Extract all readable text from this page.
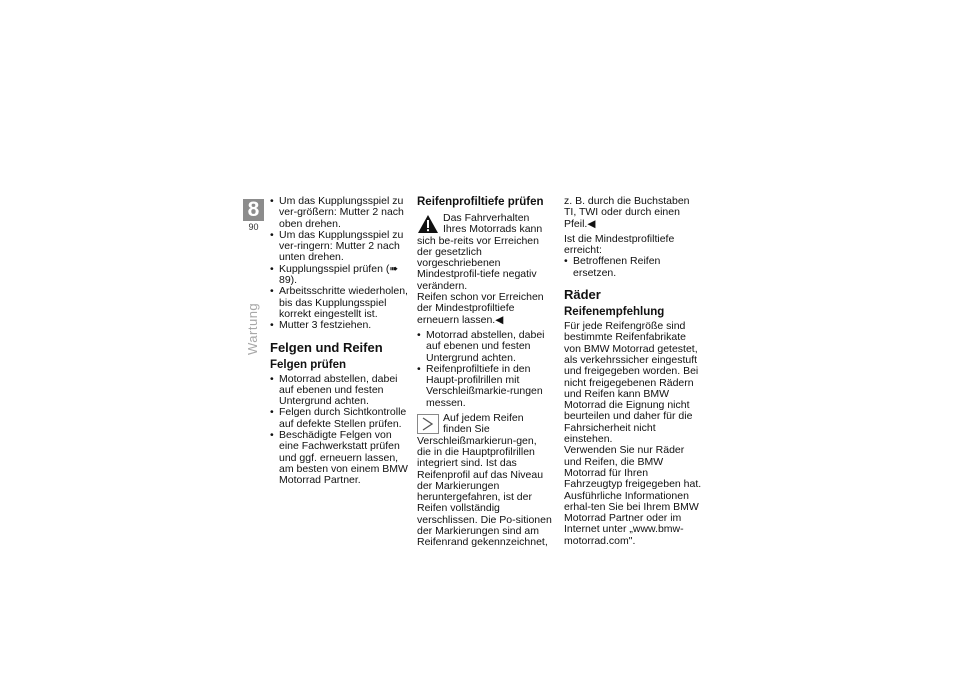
8
90
Wartung
• Um das Kupplungsspiel zu ver-größern: Mutter 2 nach oben drehen.
• Um das Kupplungsspiel zu ver-ringern: Mutter 2 nach unten drehen.
• Kupplungsspiel prüfen (➠ 89).
• Arbeitsschritte wiederholen, bis das Kupplungsspiel korrekt eingestellt ist.
• Mutter 3 festziehen.
Felgen und Reifen
Felgen prüfen
• Motorrad abstellen, dabei auf ebenen und festen Untergrund achten.
• Felgen durch Sichtkontrolle auf defekte Stellen prüfen.
• Beschädigte Felgen von eine Fachwerkstatt prüfen und ggf. erneuern lassen, am besten von einem BMW Motorrad Partner.
Reifenprofiltiefe prüfen

Das Fahrverhalten Ihres Motorrads kann sich be-reits vor Erreichen der gesetzlich vorgeschriebenen Mindestprofil-tiefe negativ verändern.

Reifen schon vor Erreichen der Mindestprofiltiefe erneuern lassen.◀

• Motorrad abstellen, dabei auf ebenen und festen Untergrund achten.
• Reifenprofiltiefe in den Haupt-profilrillen mit Verschleißmarkie-rungen messen.

Auf jedem Reifen finden Sie Verschleißmarkierun-gen, die in die Hauptprofilrillen integriert sind. Ist das Reifenprofil auf das Niveau der Markierungen heruntergefahren, ist der Reifen vollständig verschlissen. Die Po-sitionen der Markierungen sind am Reifenrand gekennzeichnet,

z. B. durch die Buchstaben TI, TWI oder durch einen Pfeil.◀

Ist die Mindestprofiltiefe erreicht:

• Betroffenen Reifen ersetzen.
Räder
Reifenempfehlung

Für jede Reifengröße sind bestimmte Reifenfabrikate von BMW Motorrad getestet, als verkehrssicher eingestuft und freigegeben worden. Bei nicht freigegebenen Rädern und Reifen kann BMW Motorrad die Eignung nicht beurteilen und daher für die Fahrsicherheit nicht einstehen.

Verwenden Sie nur Räder und Reifen, die BMW Motorrad für Ihren Fahrzeugtyp freigegeben hat.

Ausführliche Informationen erhal-ten Sie bei Ihrem BMW Motorrad Partner oder im Internet unter „www.bmw-motorrad.com".
